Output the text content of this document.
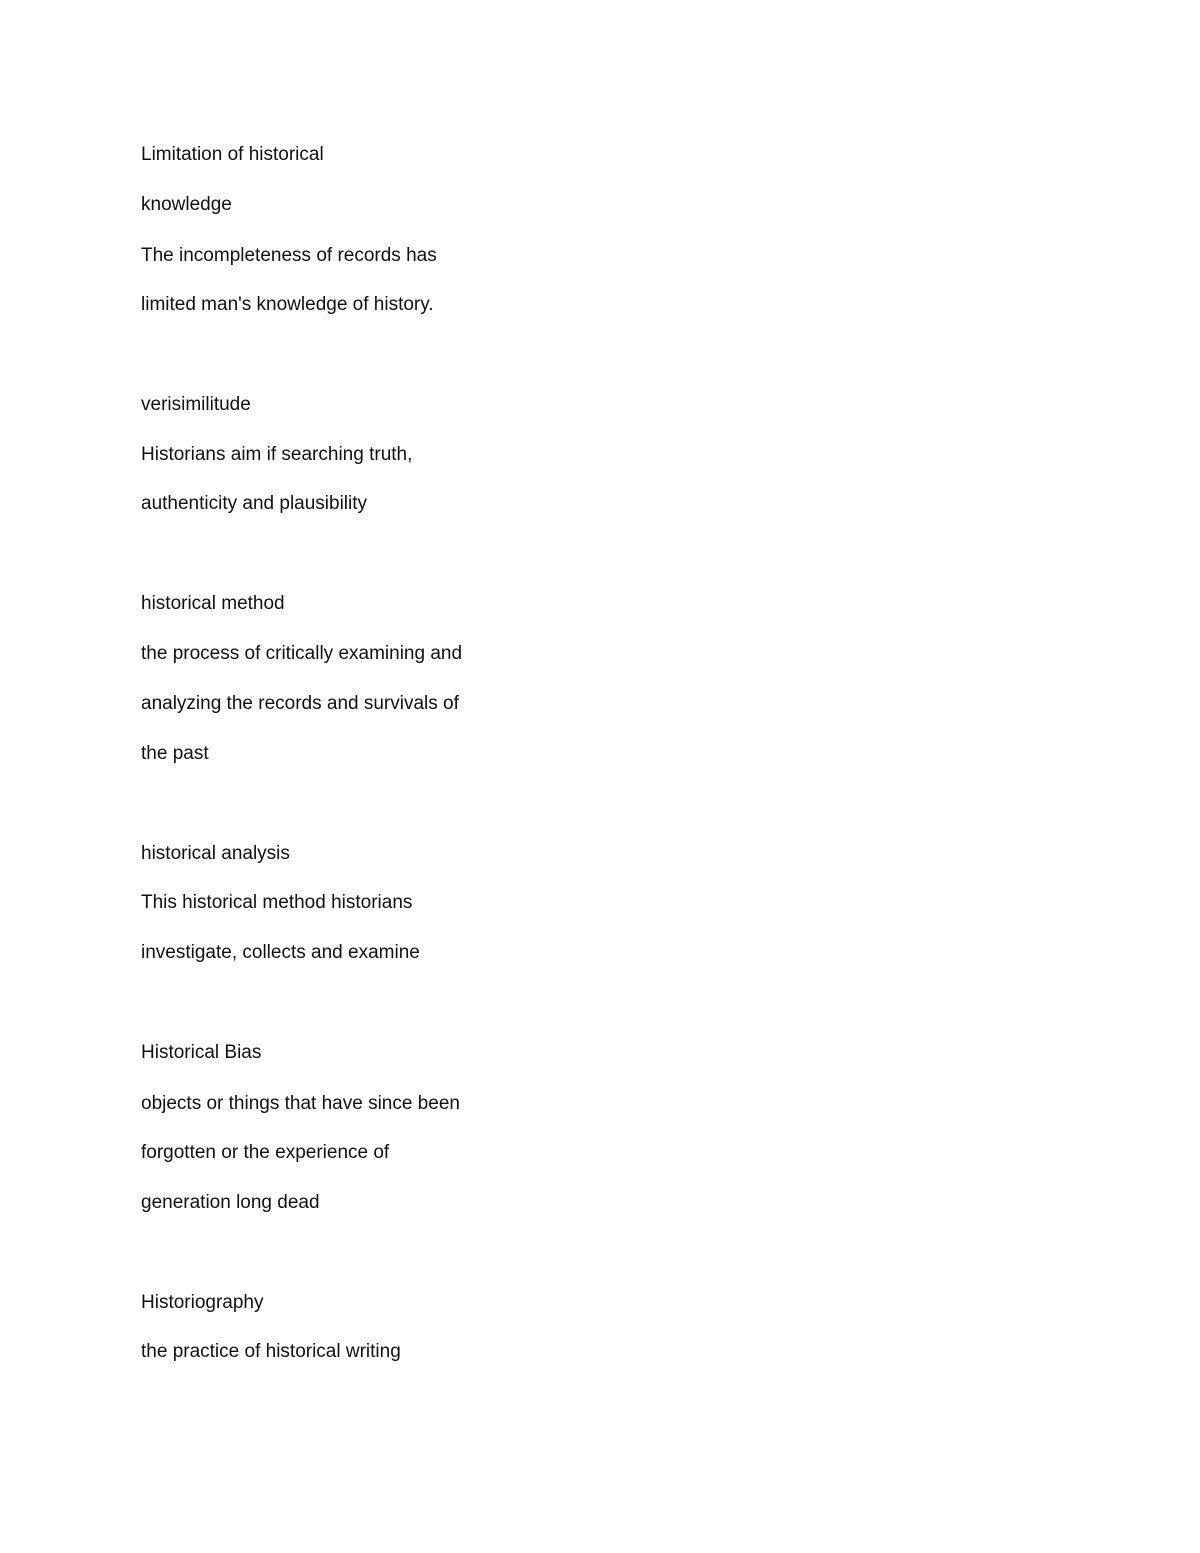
Limitation of historical

knowledge

The incompleteness of records has

limited man's knowledge of history.

verisimilitude

Historians aim if searching truth,

authenticity and plausibility

historical method

the process of critically examining and

analyzing the records and survivals of

the past

historical analysis

This historical method historians

investigate, collects and examine

Historical Bias

objects or things that have since been

forgotten or the experience of

generation long dead

Historiography

the practice of historical writing
